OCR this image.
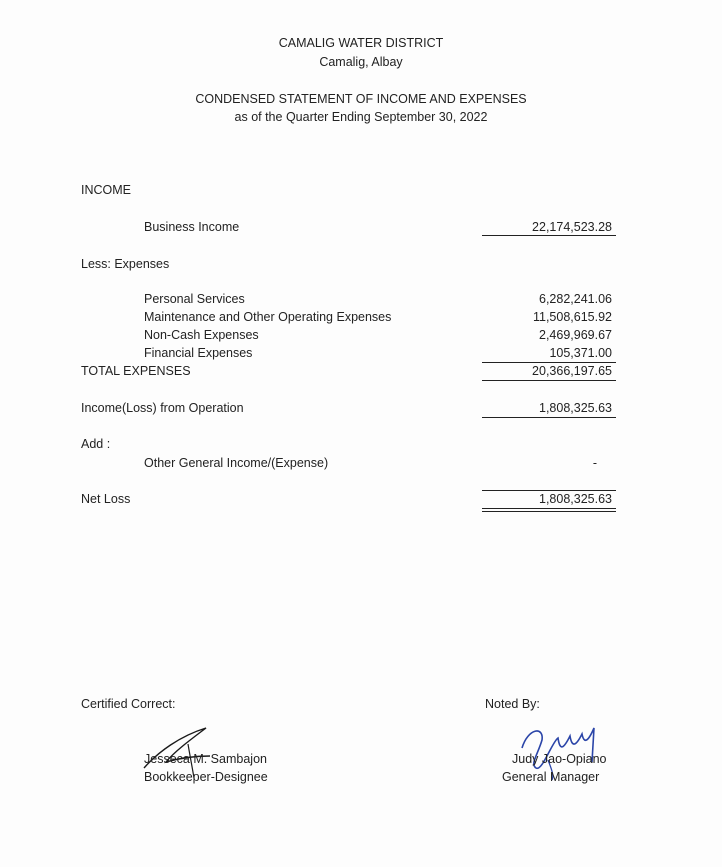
CAMALIG WATER DISTRICT
Camalig, Albay
CONDENSED STATEMENT OF INCOME AND EXPENSES
as of the Quarter Ending September 30, 2022
INCOME
Business Income	22,174,523.28
Less: Expenses
Personal Services	6,282,241.06
Maintenance and Other Operating Expenses	11,508,615.92
Non-Cash Expenses	2,469,969.67
Financial Expenses	105,371.00
TOTAL EXPENSES	20,366,197.65
Income(Loss) from Operation	1,808,325.63
Add :
Other General Income/(Expense)	-
Net Loss	1,808,325.63
Certified Correct:	Noted By:
Jesseca M. Sambajon
Bookkeeper-Designee
Judy Jao-Opiano
General Manager
